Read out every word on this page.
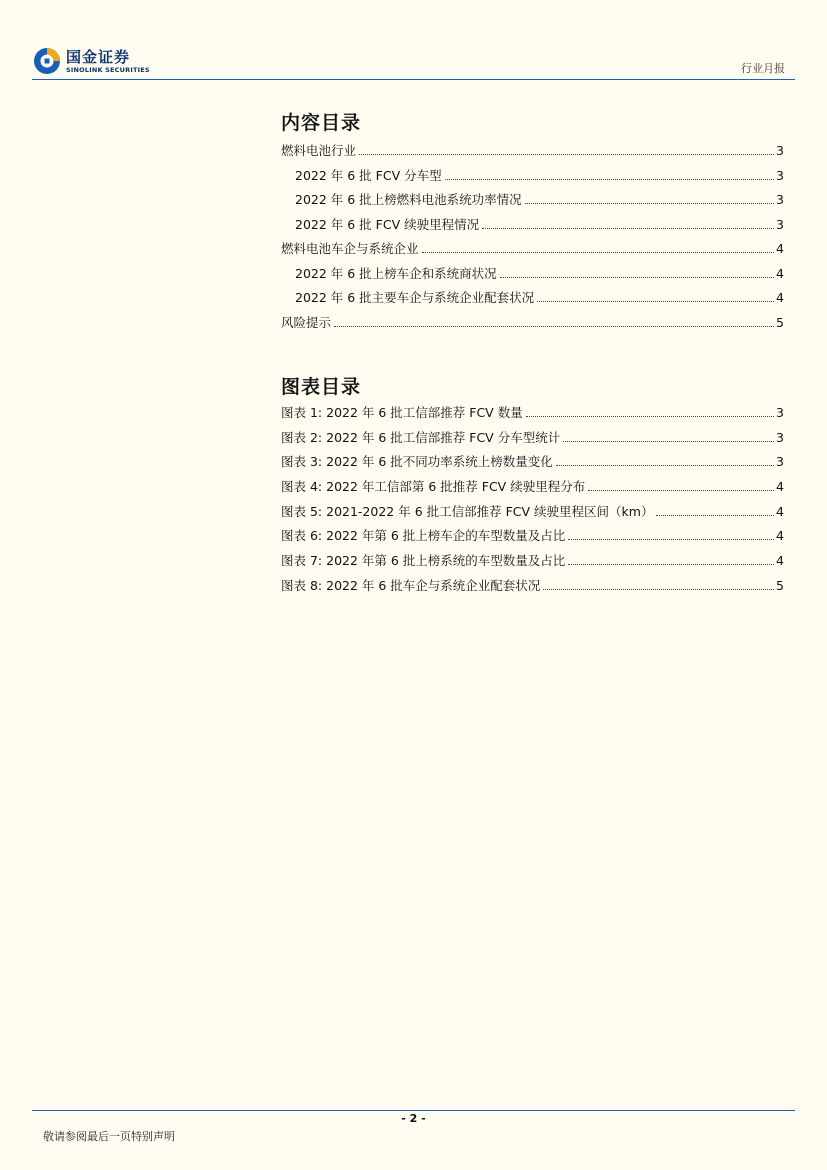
国金证券
SINOLINK SECURITIES	行业月报
内容目录
燃料电池行业	3
2022 年 6 批 FCV 分车型	3
2022 年 6 批上榜燃料电池系统功率情况	3
2022 年 6 批 FCV 续驶里程情况	3
燃料电池车企与系统企业	4
2022 年 6 批上榜车企和系统商状况	4
2022 年 6 批主要车企与系统企业配套状况	4
风险提示	5
图表目录
图表 1: 2022 年 6 批工信部推荐 FCV 数量	3
图表 2: 2022 年 6 批工信部推荐 FCV 分车型统计	3
图表 3: 2022 年 6 批不同功率系统上榜数量变化	3
图表 4: 2022 年工信部第 6 批推荐 FCV 续驶里程分布	4
图表 5: 2021-2022 年 6 批工信部推荐 FCV 续驶里程区间（km）	4
图表 6: 2022 年第 6 批上榜车企的车型数量及占比	4
图表 7: 2022 年第 6 批上榜系统的车型数量及占比	4
图表 8: 2022 年 6 批车企与系统企业配套状况	5
- 2 -
敬请参阅最后一页特别声明
